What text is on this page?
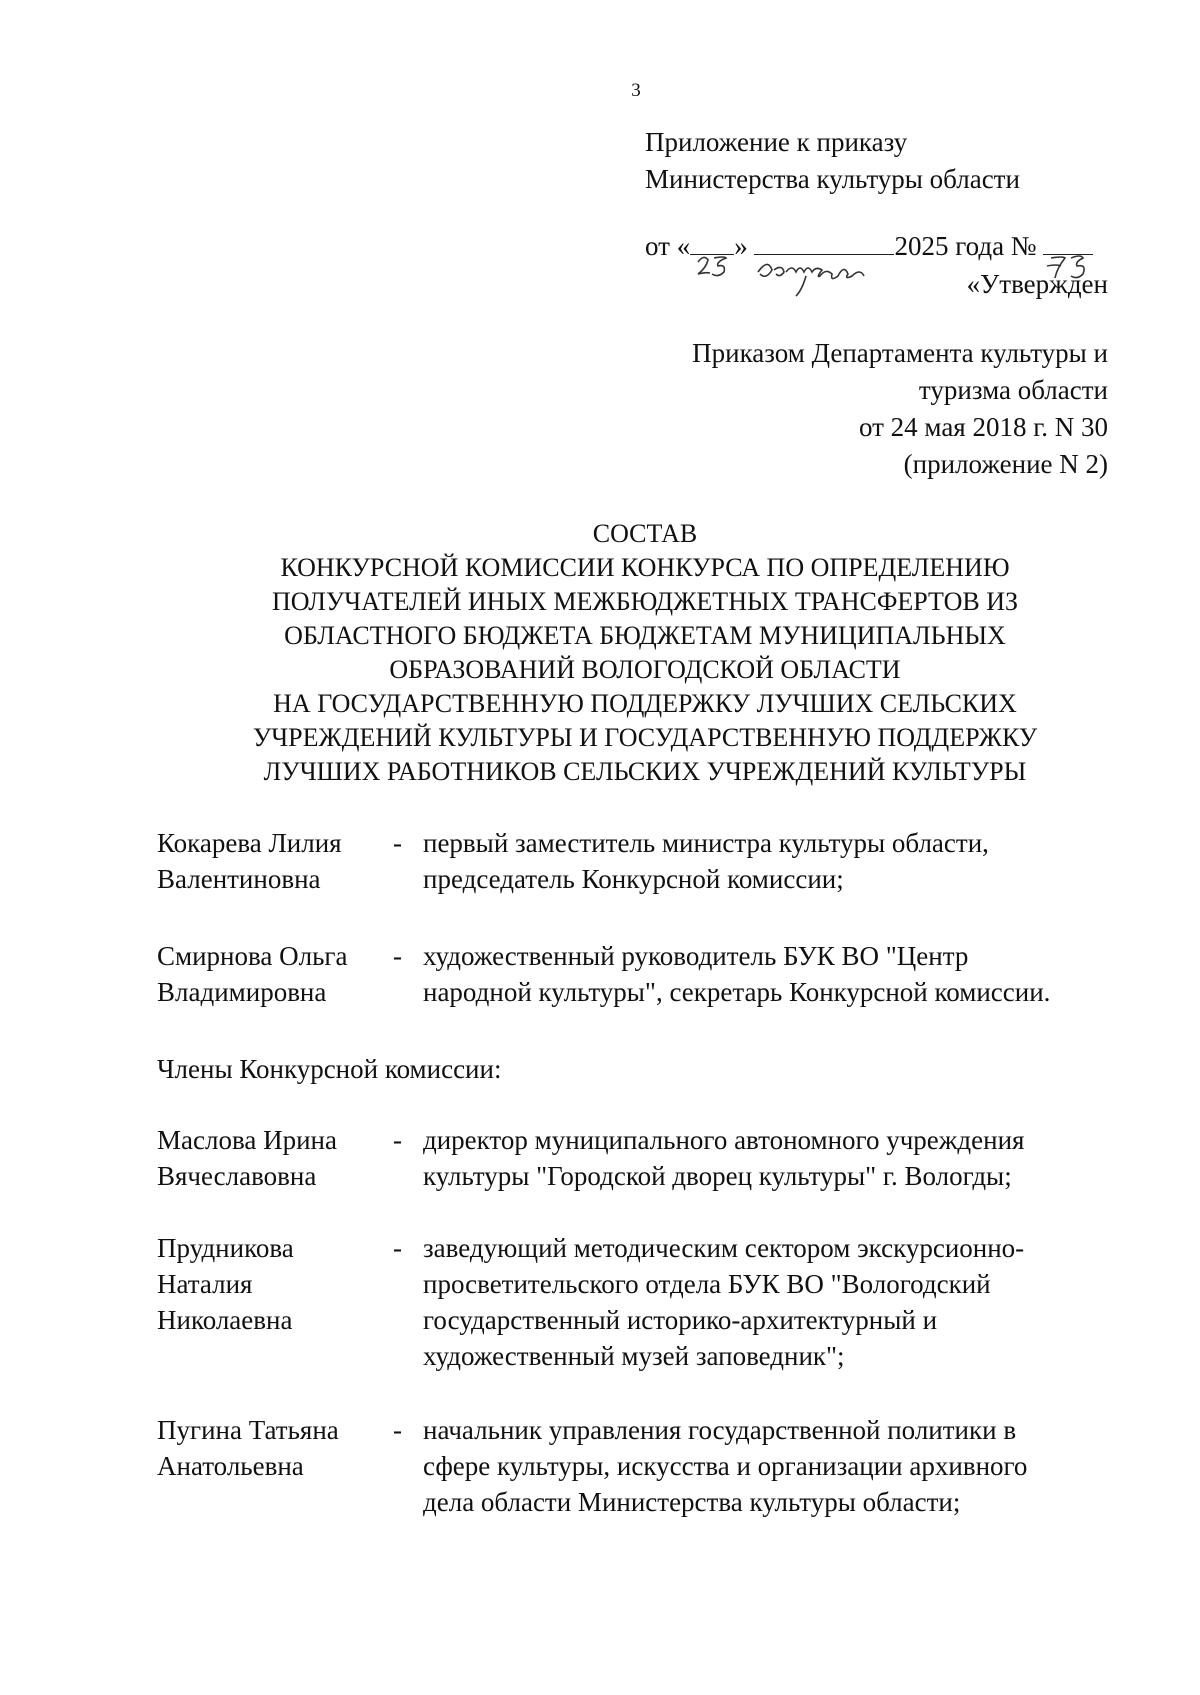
3
Приложение к приказу
Министерства культуры области
от « »	2025 года №
«Утвержден
Приказом Департамента культуры и
туризма области
от 24 мая 2018 г. N 30
(приложение N 2)
СОСТАВ
КОНКУРСНОЙ КОМИССИИ КОНКУРСА ПО ОПРЕДЕЛЕНИЮ
ПОЛУЧАТЕЛЕЙ ИНЫХ МЕЖБЮДЖЕТНЫХ ТРАНСФЕРТОВ ИЗ
ОБЛАСТНОГО БЮДЖЕТА БЮДЖЕТАМ МУНИЦИПАЛЬНЫХ
ОБРАЗОВАНИЙ ВОЛОГОДСКОЙ ОБЛАСТИ
НА ГОСУДАРСТВЕННУЮ ПОДДЕРЖКУ ЛУЧШИХ СЕЛЬСКИХ
УЧРЕЖДЕНИЙ КУЛЬТУРЫ И ГОСУДАРСТВЕННУЮ ПОДДЕРЖКУ
ЛУЧШИХ РАБОТНИКОВ СЕЛЬСКИХ УЧРЕЖДЕНИЙ КУЛЬТУРЫ
Кокарева Лилия
Валентиновна
- первый заместитель министра культуры области,
председатель Конкурсной комиссии;
Смирнова Ольга
Владимировна
- художественный руководитель БУК ВО "Центр
народной культуры", секретарь Конкурсной комиссии.
Члены Конкурсной комиссии:
Маслова Ирина
Вячеславовна
- директор муниципального автономного учреждения
культуры "Городской дворец культуры" г. Вологды;
Прудникова
Наталия
Николаевна
- заведующий методическим сектором экскурсионно-
просветительского отдела БУК ВО "Вологодский
государственный историко-архитектурный и
художественный музей заповедник";
Пугина Татьяна
Анатольевна
- начальник управления государственной политики в
сфере культуры, искусства и организации архивного
дела области Министерства культуры области;
